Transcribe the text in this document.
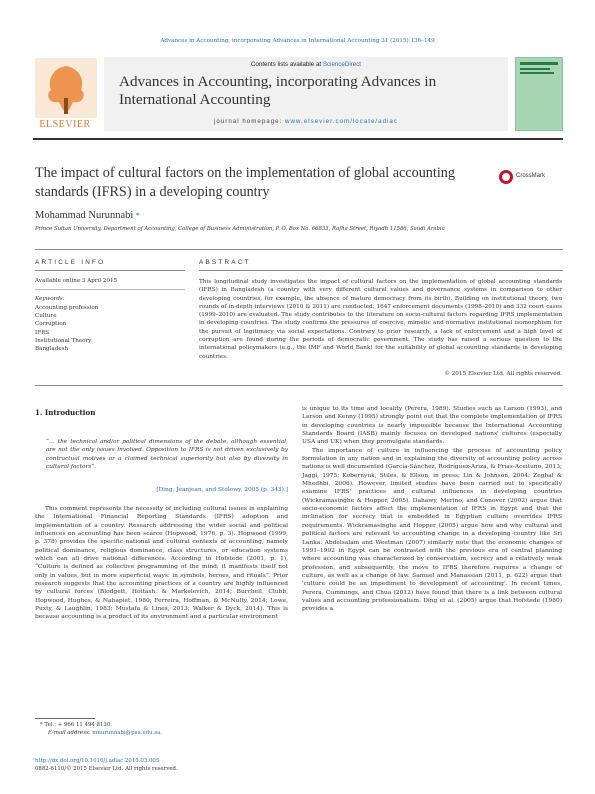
Advances in Accounting, incorporating Advances in International Accounting 31 (2015) 136–149
ELSEVIER
Contents lists available at ScienceDirect
Advances in Accounting, incorporating Advances in International Accounting
journal homepage: www.elsevier.com/locate/adiac
The impact of cultural factors on the implementation of global accounting standards (IFRS) in a developing country
CrossMark
Mohammad Nurunnabi *
Prince Sultan University, Department of Accounting, College of Business Administration, P. O. Box No. 66833, Rafha Street, Riyadh 11586, Saudi Arabia
ARTICLE INFO
Available online 3 April 2015
Keywords:
Accounting profession
Culture
Corruption
IFRS
Institutional Theory
Bangladesh
ABSTRACT
This longitudinal study investigates the impact of cultural factors on the implementation of global accounting standards (IFRS) in Bangladesh (a country with very different cultural values and governance systems in comparison to other developing countries, for example, the absence of mature democracy from its birth). Building on institutional theory, two rounds of in-depth interviews (2010 & 2011) are conducted; 1647 enforcement documents (1998–2010) and 332 court cases (1999–2010) are evaluated. The study contributes to the literature on socio-cultural factors regarding IFRS implementation in developing countries. The study confirms the pressures of coercive, mimetic and normative institutional isomorphism for the pursuit of legitimacy via social expectations. Contrary to prior research, a lack of enforcement and a high level of corruption are found during the periods of democratic government. The study has raised a serious question to the international policymakers (e.g., the IMF and World Bank) for the suitability of global accounting standards in developing countries.
© 2015 Elsevier Ltd. All rights reserved.
1. Introduction
“… the technical and/or political dimensions of the debate, although essential, are not the only issues involved. Opposition to IFRS is not driven exclusively by contractual motives or a claimed technical superiority but also by diversity in cultural factors”.
[Ding, Jeanjean, and Stolowy, 2005 (p. 343).]

This comment represents the necessity of including cultural issues in explaining the International Financial Reporting Standards (IFRS) adoption and implementation of a country. Research addressing the wider social and political influences on accounting has been scarce (Hopwood, 1976, p. 3). Hopwood (1999, p. 378) provides the specific national and cultural contexts of accounting, namely political dominance, religious dominance, class structures, or education systems which can all drive national differences. According to Hofstede (2001, p. 1), “Culture is defined as collective programming of the mind; it manifests itself not only in values, but in more superficial ways: in symbols, heroes, and rituals”. Prior research suggests that the accounting practices of a country are highly influenced by cultural forces (Blodgett, Hoitash, & Markelevich, 2014; Burchell, Clubb, Hopwood, Hughes, & Nahapiet, 1980; Ferreira, Hoffman, & McNulty, 2014; Lowe, Puxty, & Laughlin, 1983; Mustafa & Lines, 2013; Walker & Dyck, 2014). This is because accounting is a product of its environment and a particular environment

is unique to its time and locality (Perera, 1989). Studies such as Larson (1993), and Larson and Kenny (1995) strongly point out that the complete implementation of IFRS in developing countries is nearly impossible because the International Accounting Standards Board (IASB) mainly focuses on developed nations' cultures (especially USA and UK) when they promulgate standards.

The importance of culture in influencing the process of accounting policy formulation in any nation and in explaining the diversity of accounting policy across nations is well documented (García-Sánchez, Rodríguez-Ariza, & Frías-Aceituno, 2013; Jaggi, 1975; Kobernyuk, Stiles, & Ellson, in press; Lin & Johnson, 2004; Zeghal & Mhedhbi, 2006). However, limited studies have been carried out to specifically examine IFRS' practices and cultural influences in developing countries (Wickramasinghe & Hopper, 2005). Dahawy, Merino, and Conover (2002) argue that socio-economic factors affect the implementation of IFRS in Egypt and that the inclination for secrecy that is embedded in Egyptian culture overrides IFRS requirements. Wickramasinghe and Hopper (2005) argue how and why cultural and political factors are relevant to accounting change in a developing country like Sri Lanka. Abdelsalam and Weetman (2007) similarly note that the economic changes of 1991–1992 in Egypt can be contrasted with the previous era of central planning where accounting was characterized by conservatism, secrecy and a relatively weak profession, and subsequently, the move to IFRS therefore requires a change of culture, as well as a change of law. Samuel and Manassian (2011, p. 622) argue that 'culture could be an impediment to development of accounting'. In recent times, Perera, Cummings, and Chua (2012) have found that there is a link between cultural values and accounting professionalism. Ding et al. (2005) argue that Hofstede (1980) provides a

* Tel.: + 966 11 494 8130.
E-mail address: mnurunnabi@psu.edu.sa.
http://dx.doi.org/10.1016/j.adiac.2015.03.005
0882-6110/© 2015 Elsevier Ltd. All rights reserved.
